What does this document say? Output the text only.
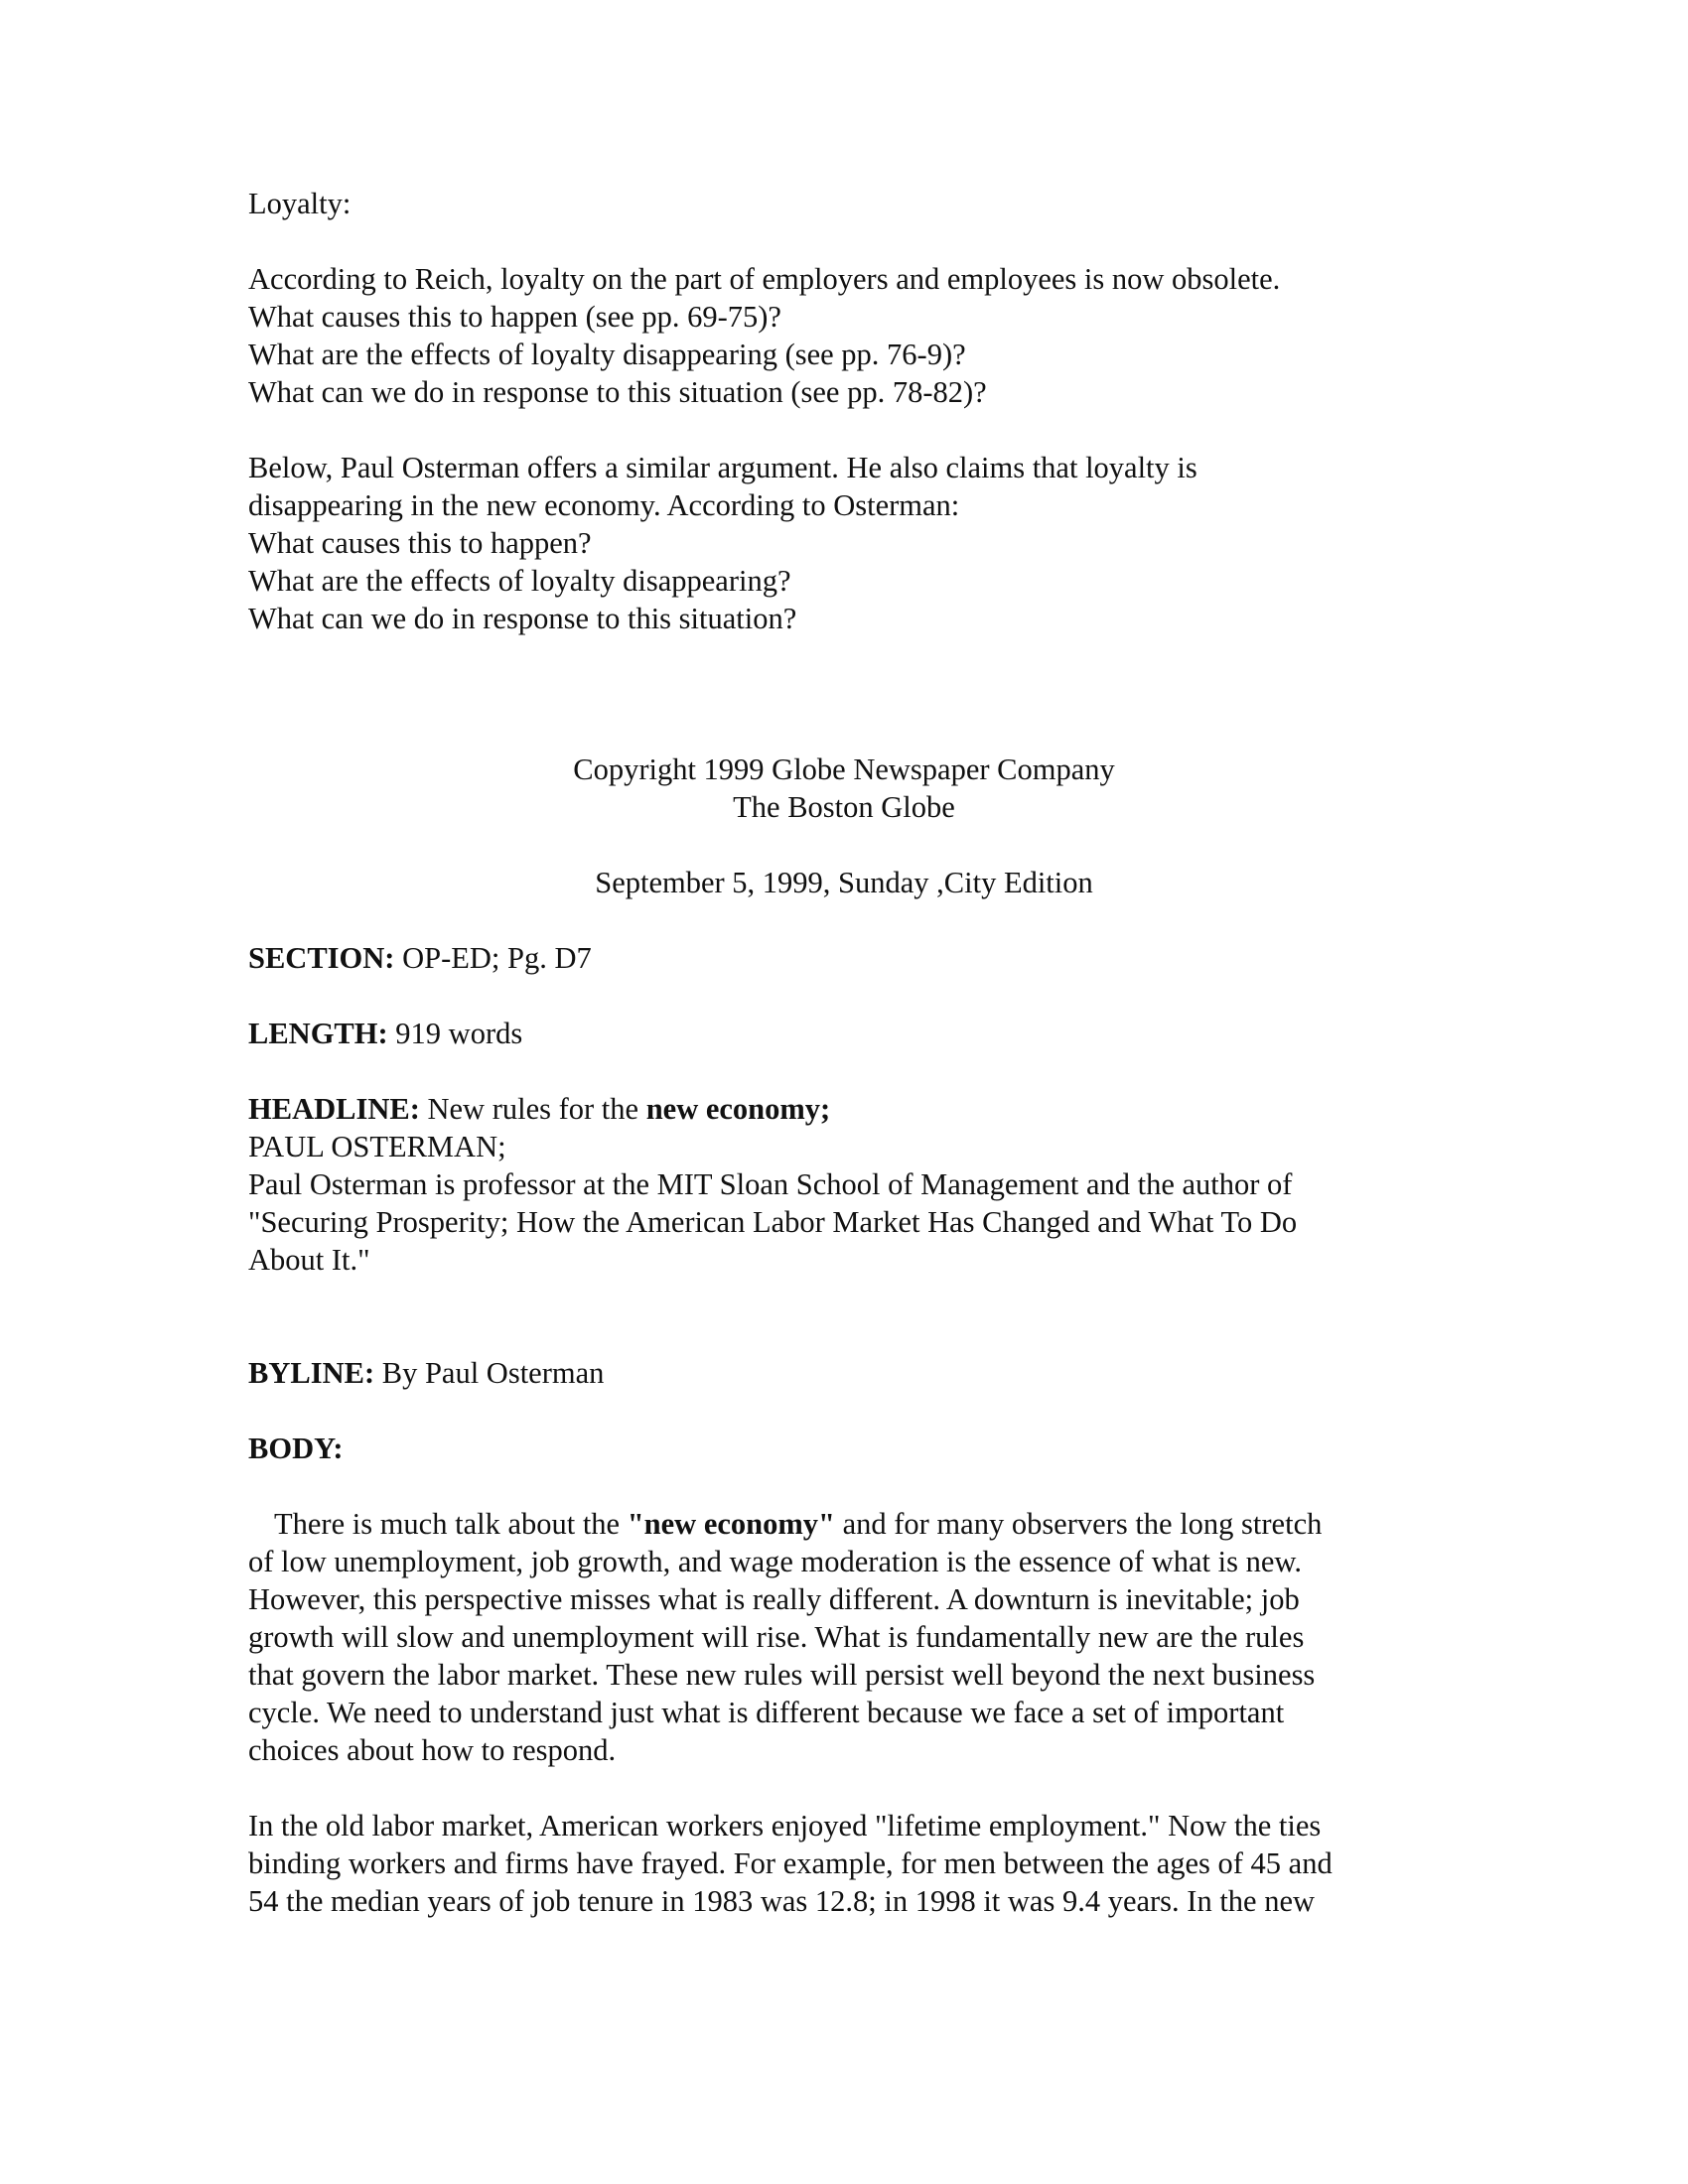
Loyalty:
According to Reich, loyalty on the part of employers and employees is now obsolete.
What causes this to happen (see pp. 69-75)?
What are the effects of loyalty disappearing (see pp. 76-9)?
What can we do in response to this situation (see pp. 78-82)?
Below, Paul Osterman offers a similar argument. He also claims that loyalty is
disappearing in the new economy. According to Osterman:
What causes this to happen?
What are the effects of loyalty disappearing?
What can we do in response to this situation?
Copyright 1999 Globe Newspaper Company
The Boston Globe
September 5, 1999, Sunday ,City Edition
SECTION: OP-ED; Pg. D7
LENGTH: 919 words
HEADLINE: New rules for the new economy;
PAUL OSTERMAN;
Paul Osterman is professor at the MIT Sloan School of Management and the author of
"Securing Prosperity; How the American Labor Market Has Changed and What To Do
About It."
BYLINE: By Paul Osterman
BODY:
There is much talk about the "new economy" and for many observers the long stretch
of low unemployment, job growth, and wage moderation is the essence of what is new.
However, this perspective misses what is really different. A downturn is inevitable; job
growth will slow and unemployment will rise. What is fundamentally new are the rules
that govern the labor market. These new rules will persist well beyond the next business
cycle. We need to understand just what is different because we face a set of important
choices about how to respond.
In the old labor market, American workers enjoyed "lifetime employment." Now the ties
binding workers and firms have frayed. For example, for men between the ages of 45 and
54 the median years of job tenure in 1983 was 12.8; in 1998 it was 9.4 years. In the new
